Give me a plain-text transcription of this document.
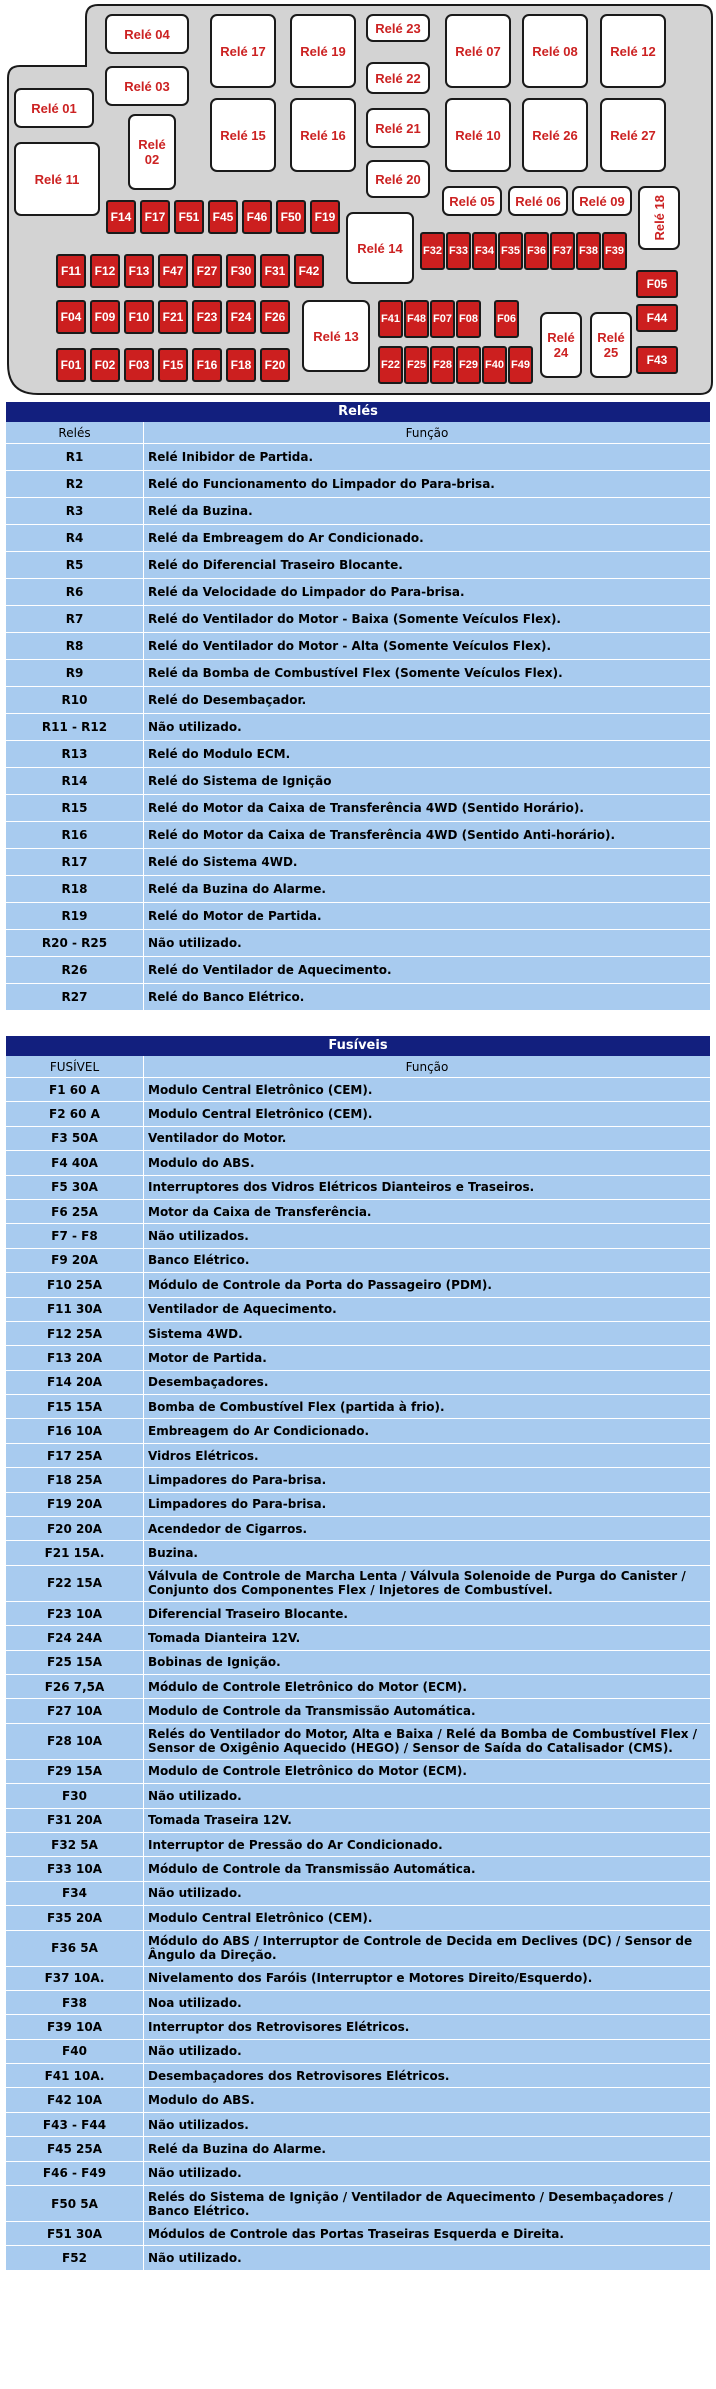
Relé 04
Relé 17	Relé 19
Relé 23
Relé 07 Relé 08 Relé 12
Relé 03
Relé 22
Relé 01
Relé 02
Relé 15	Relé 16 Relé 21	Relé 10 Relé 26 Relé 27
Relé 11	Relé 20
Relé 05 Relé 06 Relé 09 Relé 18
Relé 14
Relé 13	Relé 24
Relé 25
F14	F17	F51	F45	F46	F50	F19
F11	F12	F13	F47	F27	F30	F31	F42
F04	F09	F10	F21	F23	F24	F26
F01	F02	F03	F15	F16	F18	F20
F32 F33 F34 F35 F36 F37 F38 F39
F05
F44
F43
F41 F48 F07 F08 F06
F22 F25 F28 F29 F40 F49
Relés
Relés	Função
R1	Relé Inibidor de Partida.
R2	Relé do Funcionamento do Limpador do Para-brisa.
R3	Relé da Buzina.
R4	Relé da Embreagem do Ar Condicionado.
R5	Relé do Diferencial Traseiro Blocante.
R6	Relé da Velocidade do Limpador do Para-brisa.
R7	Relé do Ventilador do Motor - Baixa (Somente Veículos Flex).
R8	Relé do Ventilador do Motor - Alta (Somente Veículos Flex).
R9	Relé da Bomba de Combustível Flex (Somente Veículos Flex).
R10	Relé do Desembaçador.
R11 - R12	Não utilizado.
R13	Relé do Modulo ECM.
R14	Relé do Sistema de Ignição
R15	Relé do Motor da Caixa de Transferência 4WD (Sentido Horário).
R16	Relé do Motor da Caixa de Transferência 4WD (Sentido Anti-horário).
R17	Relé do Sistema 4WD.
R18	Relé da Buzina do Alarme.
R19	Relé do Motor de Partida.
R20 - R25	Não utilizado.
R26	Relé do Ventilador de Aquecimento.
R27	Relé do Banco Elétrico.
Fusíveis
FUSÍVEL	Função
F1 60 A	Modulo Central Eletrônico (CEM).
F2 60 A	Modulo Central Eletrônico (CEM).
F3 50A	Ventilador do Motor.
F4 40A	Modulo do ABS.
F5 30A	Interruptores dos Vidros Elétricos Dianteiros e Traseiros.
F6 25A	Motor da Caixa de Transferência.
F7 - F8	Não utilizados.
F9 20A	Banco Elétrico.
F10 25A	Módulo de Controle da Porta do Passageiro (PDM).
F11 30A	Ventilador de Aquecimento.
F12 25A	Sistema 4WD.
F13 20A	Motor de Partida.
F14 20A	Desembaçadores.
F15 15A	Bomba de Combustível Flex (partida à frio).
F16 10A	Embreagem do Ar Condicionado.
F17 25A	Vidros Elétricos.
F18 25A	Limpadores do Para-brisa.
F19 20A	Limpadores do Para-brisa.
F20 20A	Acendedor de Cigarros.
F21 15A.	Buzina.
F22 15A	Válvula de Controle de Marcha Lenta / Válvula Solenoide de Purga do Canister / Conjunto dos Componentes Flex / Injetores de Combustível.
F23 10A	Diferencial Traseiro Blocante.
F24 24A	Tomada Dianteira 12V.
F25 15A	Bobinas de Ignição.
F26 7,5A	Módulo de Controle Eletrônico do Motor (ECM).
F27 10A	Modulo de Controle da Transmissão Automática.
F28 10A	Relés do Ventilador do Motor, Alta e Baixa / Relé da Bomba de Combustível Flex / Sensor de Oxigênio Aquecido (HEGO) / Sensor de Saída do Catalisador (CMS).
F29 15A	Modulo de Controle Eletrônico do Motor (ECM).
F30	Não utilizado.
F31 20A	Tomada Traseira 12V.
F32 5A	Interruptor de Pressão do Ar Condicionado.
F33 10A	Módulo de Controle da Transmissão Automática.
F34	Não utilizado.
F35 20A	Modulo Central Eletrônico (CEM).
F36 5A	Módulo do ABS / Interruptor de Controle de Decida em Declives (DC) / Sensor de Ângulo da Direção.
F37 10A.	Nivelamento dos Faróis (Interruptor e Motores Direito/Esquerdo).
F38	Noa utilizado.
F39 10A	Interruptor dos Retrovisores Elétricos.
F40	Não utilizado.
F41 10A.	Desembaçadores dos Retrovisores Elétricos.
F42 10A	Modulo do ABS.
F43 - F44	Não utilizados.
F45 25A	Relé da Buzina do Alarme.
F46 - F49	Não utilizado.
F50 5A	Relés do Sistema de Ignição / Ventilador de Aquecimento / Desembaçadores / Banco Elétrico.
F51 30A	Módulos de Controle das Portas Traseiras Esquerda e Direita.
F52	Não utilizado.
